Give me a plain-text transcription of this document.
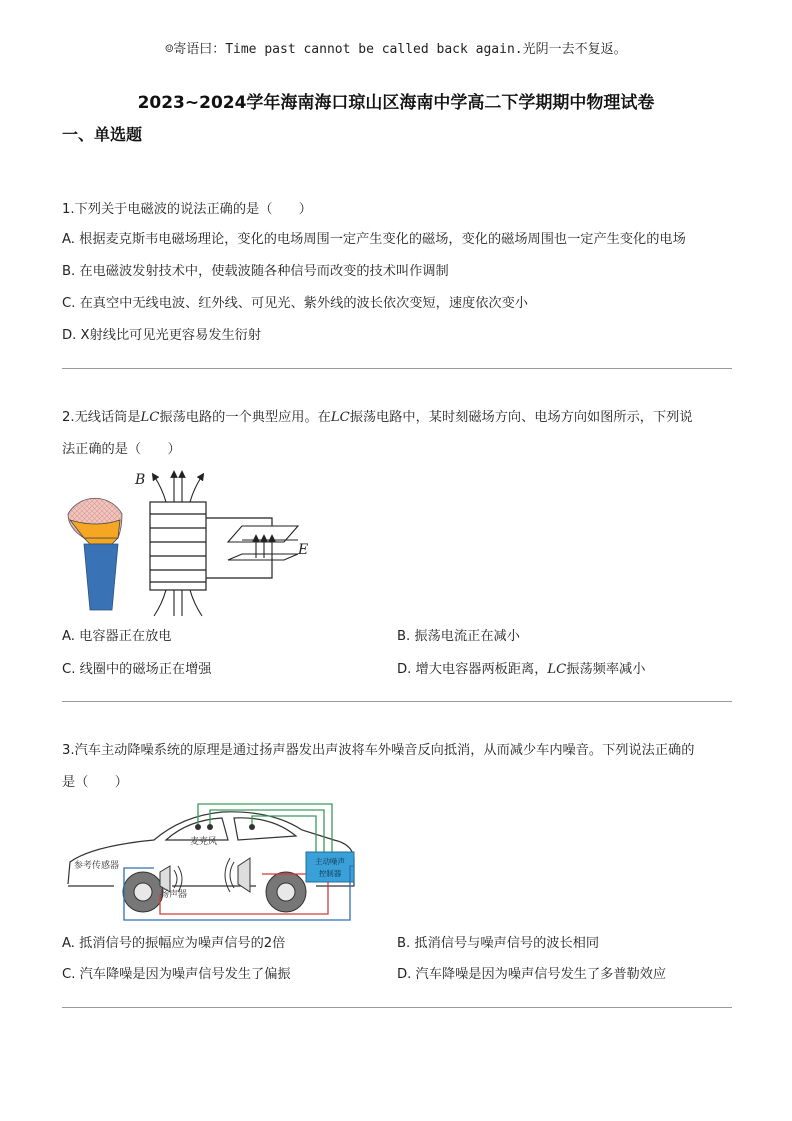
☺寄语曰：Time past cannot be called back again.光阴一去不复返。
2023~2024学年海南海口琼山区海南中学高二下学期期中物理试卷
一、单选题
1.下列关于电磁波的说法正确的是（　　）
A. 根据麦克斯韦电磁场理论，变化的电场周围一定产生变化的磁场，变化的磁场周围也一定产生变化的电场
B. 在电磁波发射技术中，使载波随各种信号而改变的技术叫作调制
C. 在真空中无线电波、红外线、可见光、紫外线的波长依次变短，速度依次变小
D. X射线比可见光更容易发生衍射
2.无线话筒是LC振荡电路的一个典型应用。在LC振荡电路中，某时刻磁场方向、电场方向如图所示，下列说
法正确的是（　　）
B
E
A. 电容器正在放电	B. 振荡电流正在减小
C. 线圈中的磁场正在增强	D. 增大电容器两板距离，LC振荡频率减小
3.汽车主动降噪系统的原理是通过扬声器发出声波将车外噪音反向抵消，从而减少车内噪音。下列说法正确的
是（　　）
麦克风
主动噪声
控制器
扬声器
参考传感器
A. 抵消信号的振幅应为噪声信号的2倍	B. 抵消信号与噪声信号的波长相同
C. 汽车降噪是因为噪声信号发生了偏振	D. 汽车降噪是因为噪声信号发生了多普勒效应
